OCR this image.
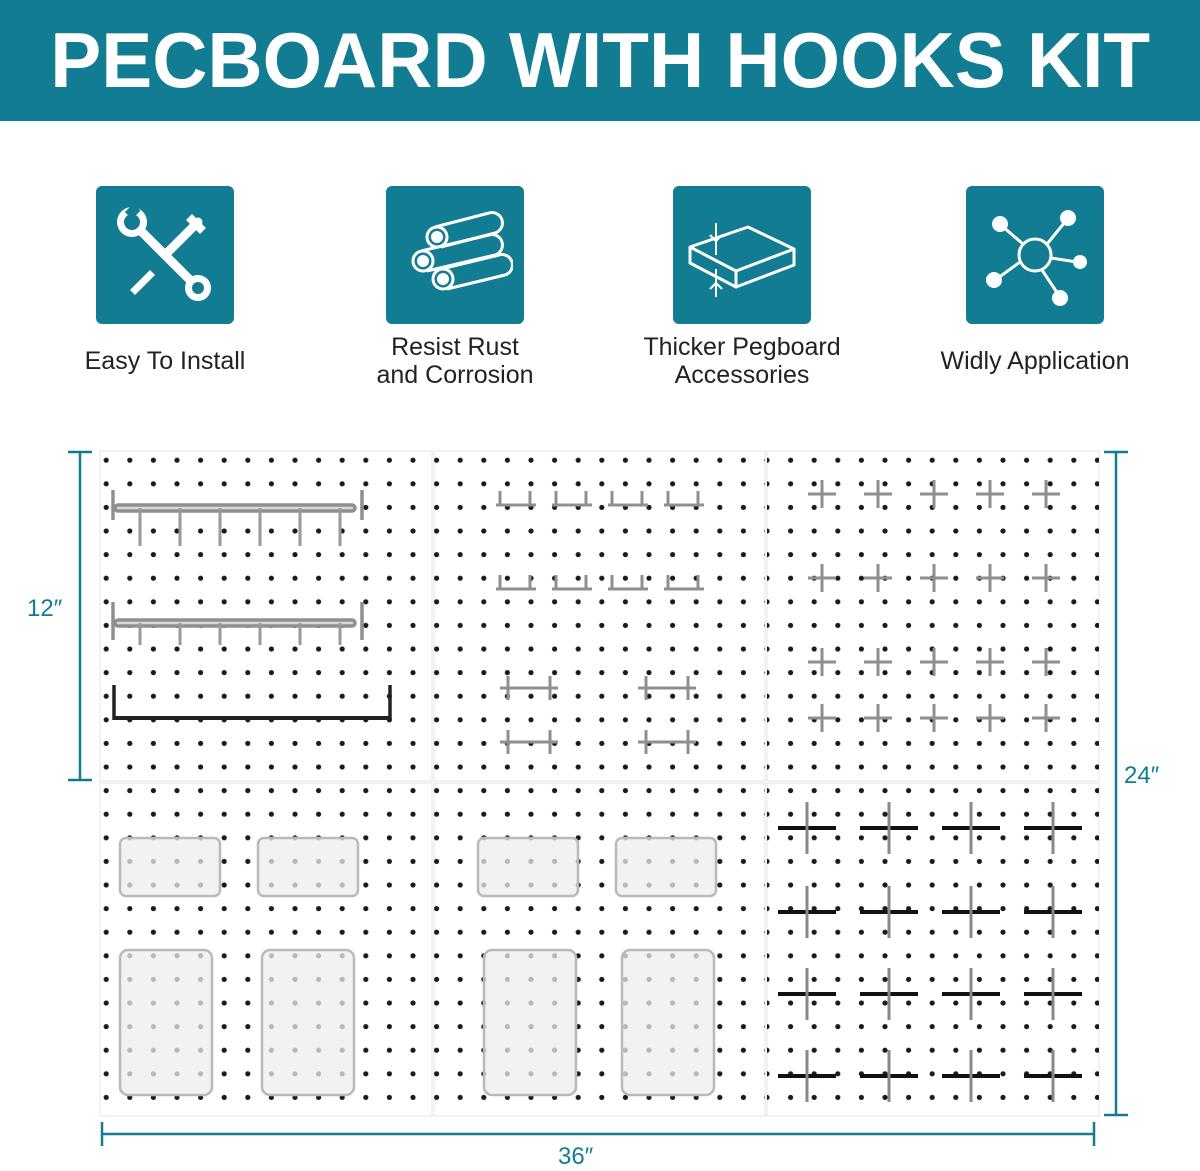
PECBOARD WITH HOOKS KIT
Easy To Install	Resist Rust
and Corrosion
Thicker Pegboard
Accessories	Widly Application
12″
24″
36″
